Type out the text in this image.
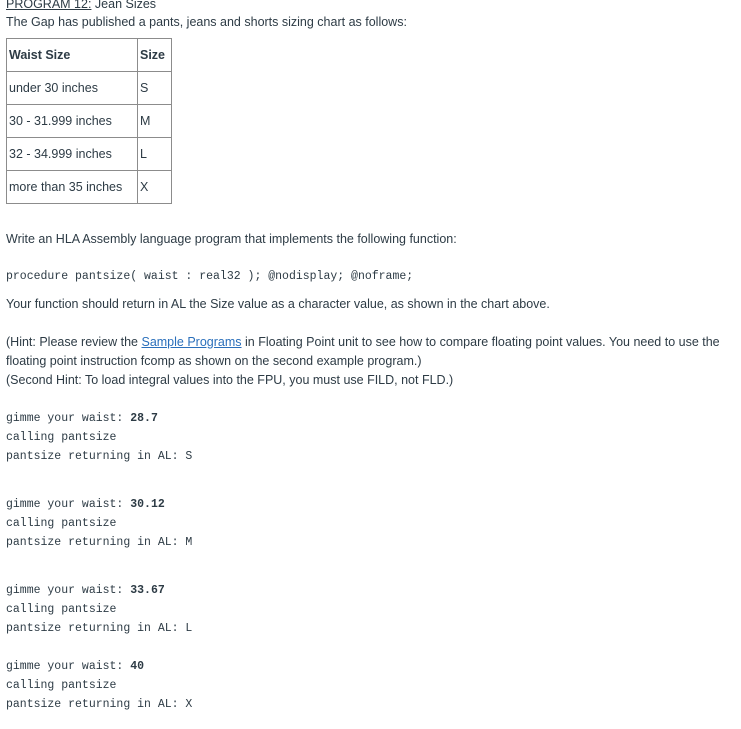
PROGRAM 12: Jean Sizes
The Gap has published a pants, jeans and shorts sizing chart as follows:
Waist Size	Size
under 30 inches	S
30 - 31.999 inches	M
32 - 34.999 inches	L
more than 35 inches	X

Write an HLA Assembly language program that implements the following function:

procedure pantsize( waist : real32 ); @nodisplay; @noframe;

Your function should return in AL the Size value as a character value, as shown in the chart above.

(Hint: Please review the Sample Programs in Floating Point unit to see how to compare floating point values. You need to use the floating point instruction fcomp as shown on the second example program.)
(Second Hint: To load integral values into the FPU, you must use FILD, not FLD.)
gimme your waist: 28.7
calling pantsize
pantsize returning in AL: S
gimme your waist: 30.12
calling pantsize
pantsize returning in AL: M
gimme your waist: 33.67
calling pantsize
pantsize returning in AL: L
gimme your waist: 40
calling pantsize
pantsize returning in AL: X
